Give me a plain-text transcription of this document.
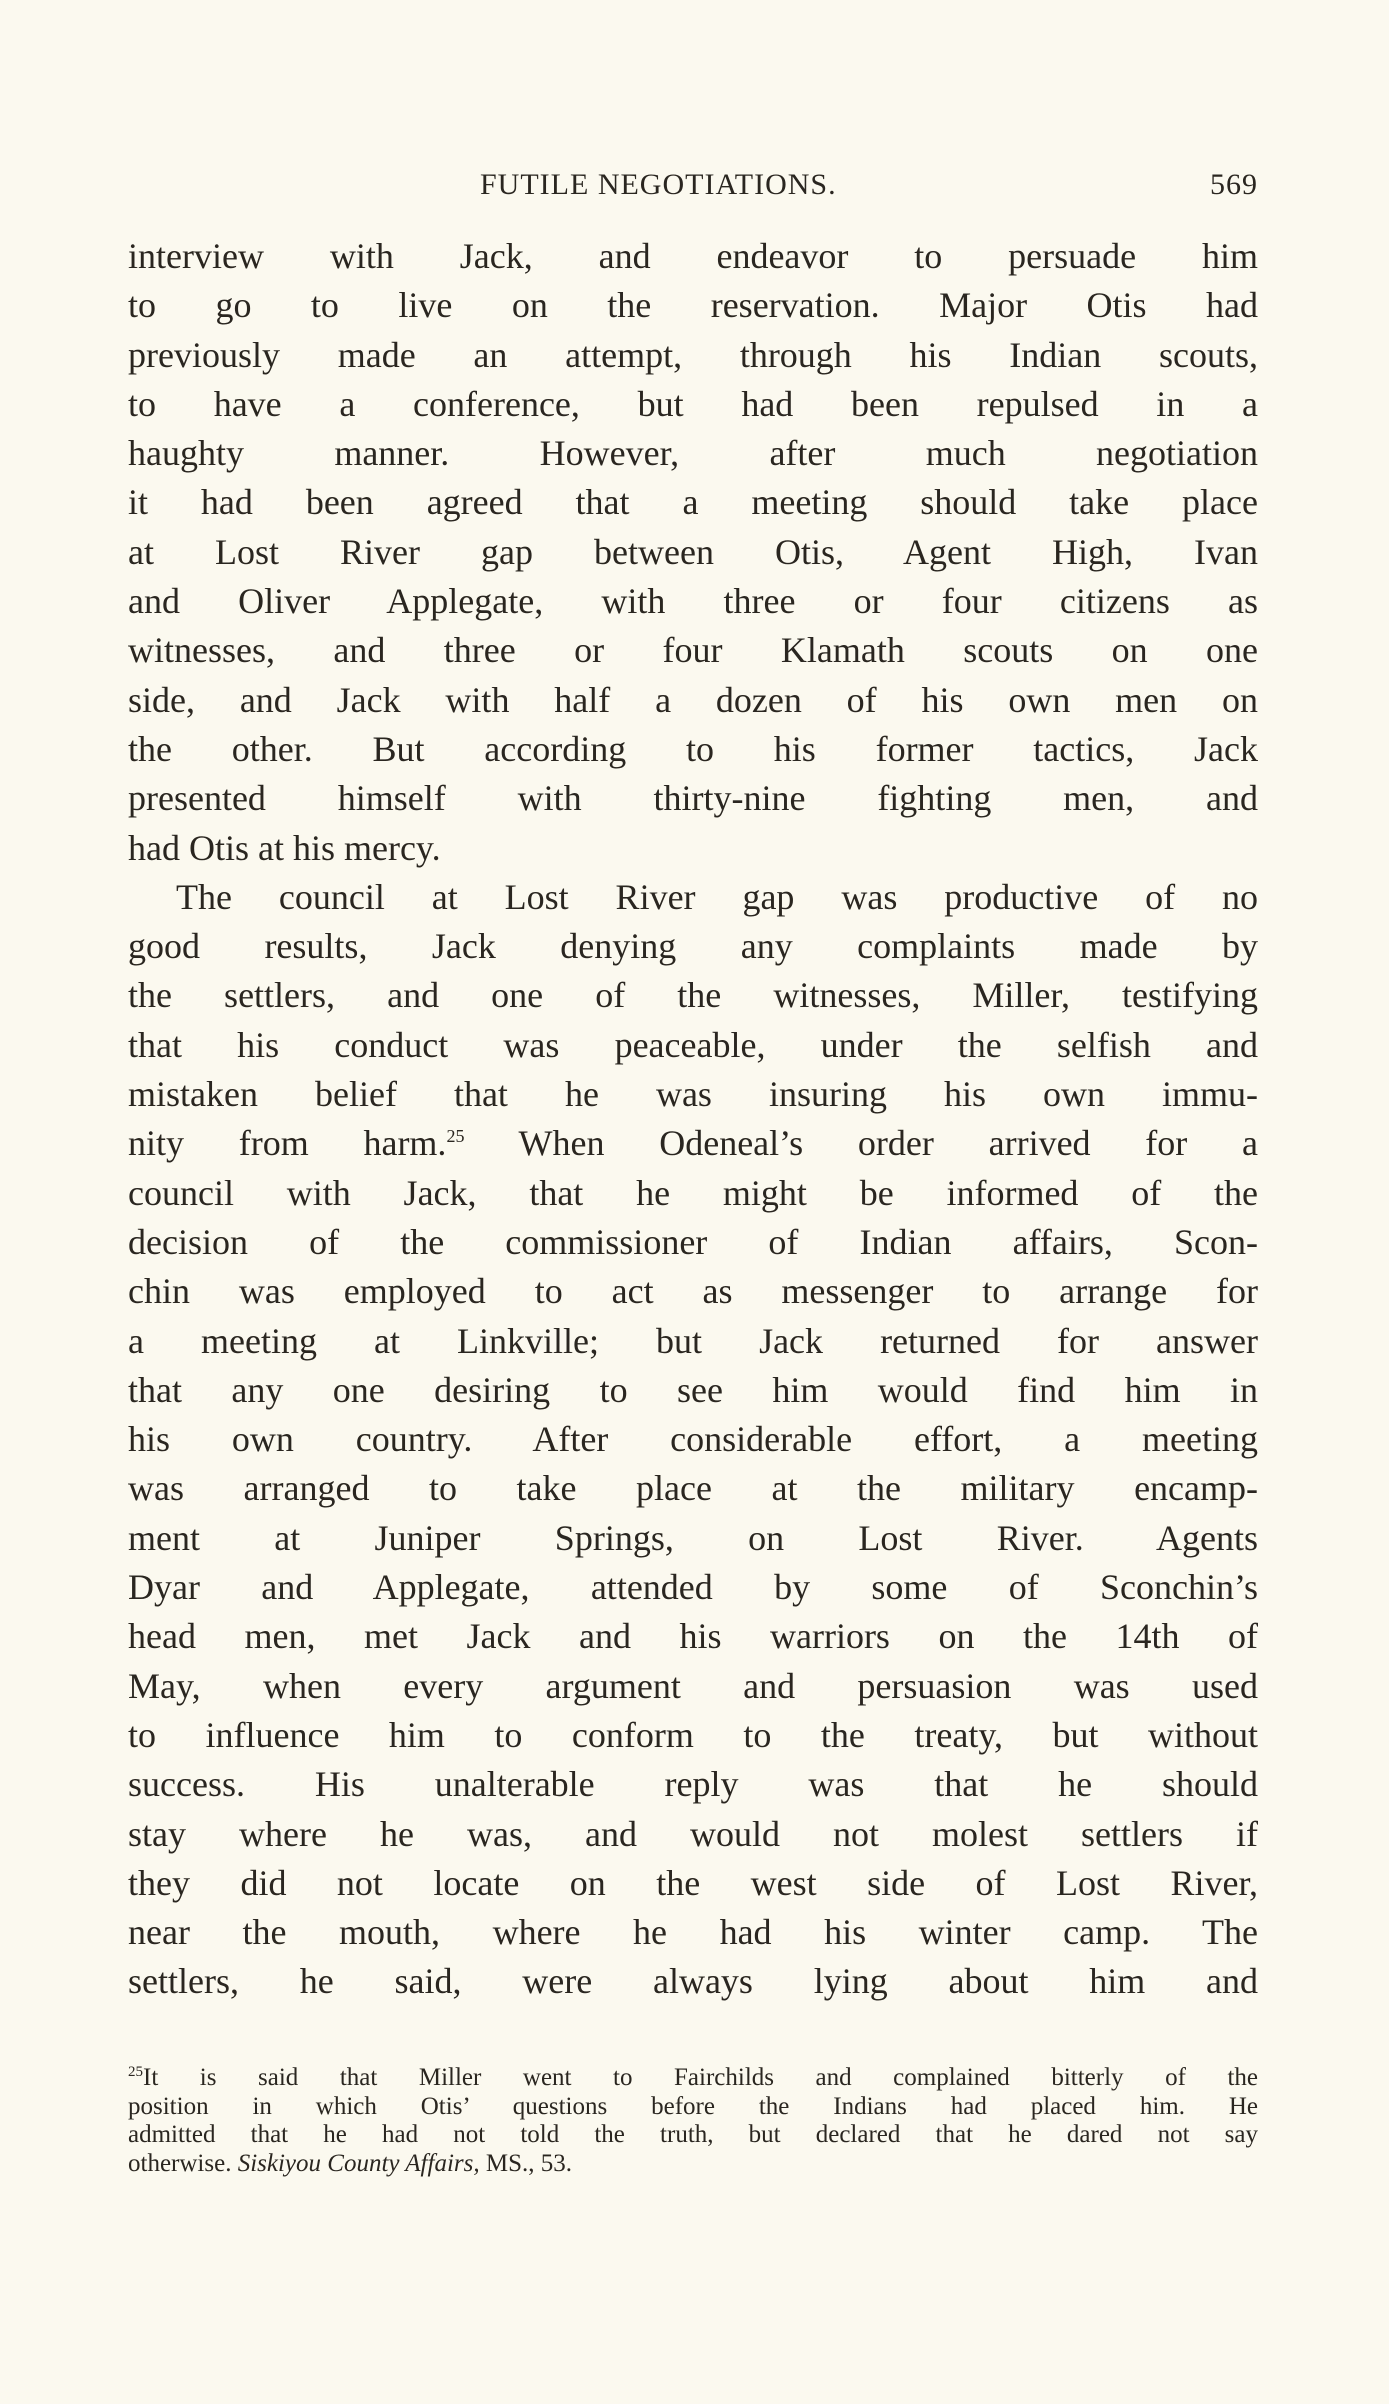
FUTILE NEGOTIATIONS.	569
interview with Jack, and endeavor to persuade him
to go to live on the reservation. Major Otis had
previously made an attempt, through his Indian scouts,
to have a conference, but had been repulsed in a
haughty manner. However, after much negotiation
it had been agreed that a meeting should take place
at Lost River gap between Otis, Agent High, Ivan
and Oliver Applegate, with three or four citizens as
witnesses, and three or four Klamath scouts on one
side, and Jack with half a dozen of his own men on
the other. But according to his former tactics, Jack
presented himself with thirty-nine fighting men, and
had Otis at his mercy.
The council at Lost River gap was productive of no
good results, Jack denying any complaints made by
the settlers, and one of the witnesses, Miller, testifying
that his conduct was peaceable, under the selfish and
mistaken belief that he was insuring his own immu-
nity from harm.$^{25}$ When Odeneal’s order arrived for a
council with Jack, that he might be informed of the
decision of the commissioner of Indian affairs, Scon-
chin was employed to act as messenger to arrange for
a meeting at Linkville; but Jack returned for answer
that any one desiring to see him would find him in
his own country. After considerable effort, a meeting
was arranged to take place at the military encamp-
ment at Juniper Springs, on Lost River. Agents
Dyar and Applegate, attended by some of Sconchin’s
head men, met Jack and his warriors on the 14th of
May, when every argument and persuasion was used
to influence him to conform to the treaty, but without
success. His unalterable reply was that he should
stay where he was, and would not molest settlers if
they did not locate on the west side of Lost River,
near the mouth, where he had his winter camp. The
settlers, he said, were always lying about him and
$^{25}$It is said that Miller went to Fairchilds and complained bitterly of the
position in which Otis’ questions before the Indians had placed him. He
admitted that he had not told the truth, but declared that he dared not say
otherwise. Siskiyou County Affairs, MS., 53.
